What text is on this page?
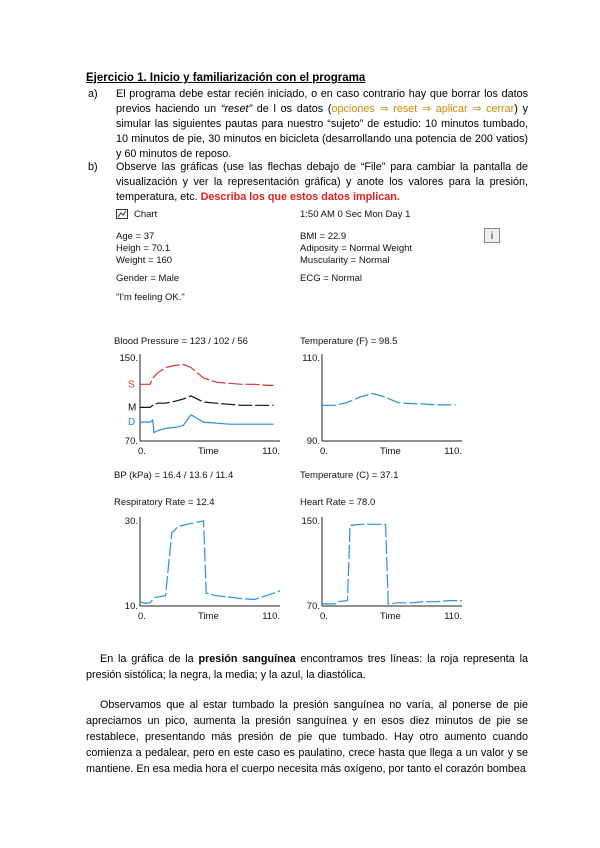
Ejercicio 1. Inicio y familiarización con el programa
a) El programa debe estar recién iniciado, o en caso contrario hay que borrar los datos previos haciendo un “reset” de l os datos (opciones ⇒ reset ⇒ aplicar ⇒ cerrar) y simular las siguientes pautas para nuestro “sujeto” de estudio: 10 minutos tumbado, 10 minutos de pie, 30 minutos en bicicleta (desarrollando una potencia de 200 vatios) y 60 minutos de reposo.
b) Observe las gráficas (use las flechas debajo de “File” para cambiar la pantalla de visualización y ver la representación gráfica) y anote los valores para la presión, temperatura, etc. Describa los que estos datos implican.
Chart
Age = 37
Heigh = 70.1
Weight = 160
Gender = Male
"I'm feeling OK."
1:50 AM 0 Sec Mon Day 1
BMI = 22.9
Adiposity = Normal Weight
Muscularity = Normal
ECG = Normal
i
Blood Pressure = 123 / 102 / 56
BP (kPa) = 16.4 / 13.6 / 11.4
150.
70.
0.	110.
Time
S
M
D
Temperature (F) = 98.5
Temperature (C) = 37.1
110.
90.
0.	110.
Time
Respiratory Rate = 12.4
30.
10.
0.	110.
Time
Heart Rate = 78.0
150.
70.
0.	110.
Time
En la gráfica de la presión sanguínea encontramos tres líneas: la roja representa la presión sistólica; la negra, la media; y la azul, la diastólica.
Observamos que al estar tumbado la presión sanguínea no varía, al ponerse de pie apreciamos un pico, aumenta la presión sanguínea y en esos diez minutos de pie se restablece, presentando más presión de pie que tumbado. Hay otro aumento cuando comienza a pedalear, pero en este caso es paulatino, crece hasta que llega a un valor y se mantiene. En esa media hora el cuerpo necesita más oxígeno, por tanto el corazón bombea
